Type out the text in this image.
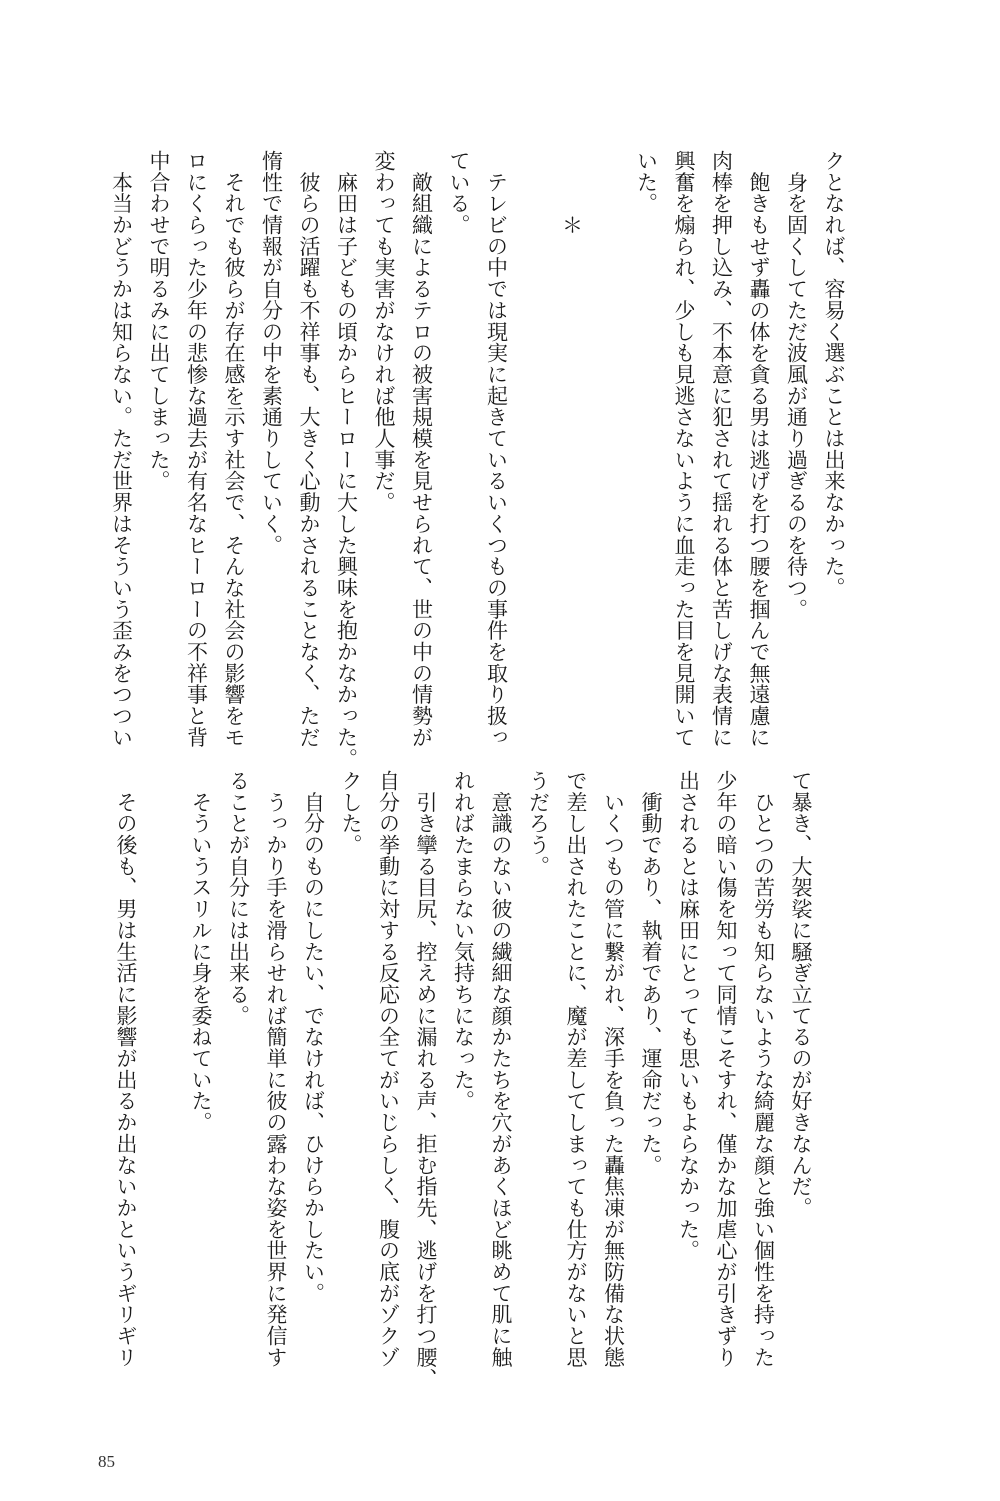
クとなれば、容易く選ぶことは出来なかった。
　身を固くしてただ波風が通り過ぎるのを待つ。
　飽きもせず轟の体を貪る男は逃げを打つ腰を掴んで無遠慮に
肉棒を押し込み、不本意に犯されて揺れる体と苦しげな表情に
興奮を煽られ、少しも見逃さないように血走った目を見開いて
いた。
　　　＊
　テレビの中では現実に起きているいくつもの事件を取り扱っ
ている。
　敵組織によるテロの被害規模を見せられて、世の中の情勢が
変わっても実害がなければ他人事だ。
　麻田は子どもの頃からヒーローに大した興味を抱かなかった。
　彼らの活躍も不祥事も、大きく心動かされることなく、ただ
惰性で情報が自分の中を素通りしていく。
　それでも彼らが存在感を示す社会で、そんな社会の影響をモ
ロにくらった少年の悲惨な過去が有名なヒーローの不祥事と背
中合わせで明るみに出てしまった。
　本当かどうかは知らない。ただ世界はそういう歪みをつつい
て暴き、大袈裟に騒ぎ立てるのが好きなんだ。
　ひとつの苦労も知らないような綺麗な顔と強い個性を持った
少年の暗い傷を知って同情こそすれ、僅かな加虐心が引きずり
出されるとは麻田にとっても思いもよらなかった。
　衝動であり、執着であり、運命だった。
　いくつもの管に繋がれ、深手を負った轟焦凍が無防備な状態
で差し出されたことに、魔が差してしまっても仕方がないと思
うだろう。
　意識のない彼の繊細な顔かたちを穴があくほど眺めて肌に触
れればたまらない気持ちになった。
　引き攣る目尻、控えめに漏れる声、拒む指先、逃げを打つ腰、
自分の挙動に対する反応の全てがいじらしく、腹の底がゾクゾ
クした。
　自分のものにしたい、でなければ、ひけらかしたい。
　うっかり手を滑らせれば簡単に彼の露わな姿を世界に発信す
ることが自分には出来る。
　そういうスリルに身を委ねていた。
　その後も、男は生活に影響が出るか出ないかというギリギリ
85
